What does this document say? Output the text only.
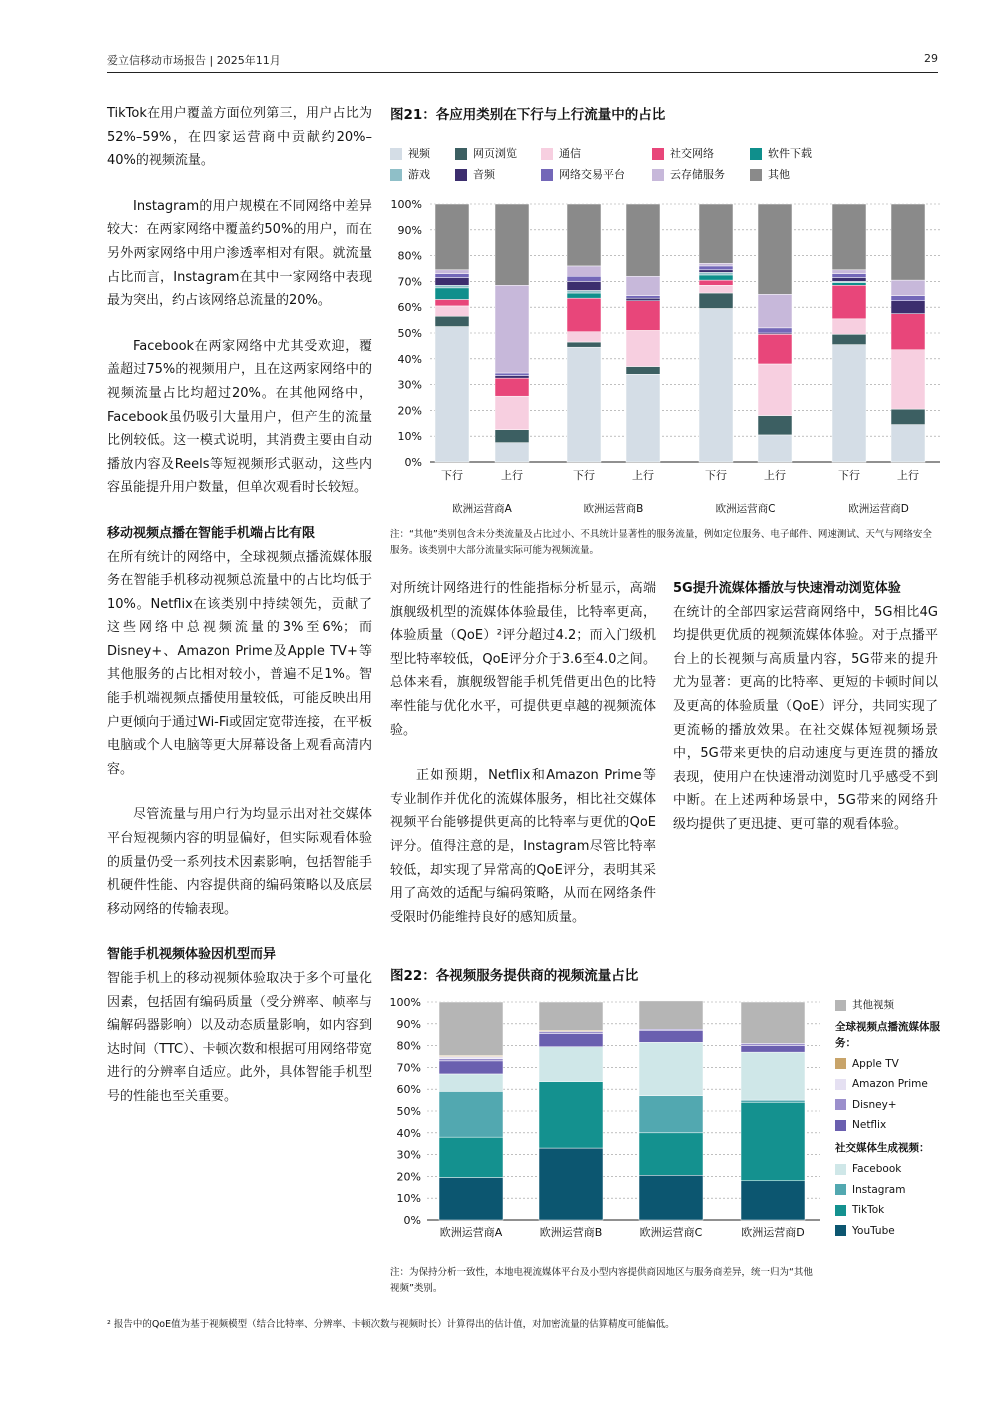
爱立信移动市场报告 | 2025年11月	29

TikTok在用户覆盖方面位列第三，用户占比为52%–59%，在四家运营商中贡献约20%–40%的视频流量。

Instagram的用户规模在不同网络中差异较大：在两家网络中覆盖约50%的用户，而在另外两家网络中用户渗透率相对有限。就流量占比而言，Instagram在其中一家网络中表现最为突出，约占该网络总流量的20%。

Facebook在两家网络中尤其受欢迎，覆盖超过75%的视频用户，且在这两家网络中的视频流量占比均超过20%。在其他网络中，Facebook虽仍吸引大量用户，但产生的流量比例较低。这一模式说明，其消费主要由自动播放内容及Reels等短视频形式驱动，这些内容虽能提升用户数量，但单次观看时长较短。

移动视频点播在智能手机端占比有限

在所有统计的网络中，全球视频点播流媒体服务在智能手机移动视频总流量中的占比均低于10%。Netflix在该类别中持续领先，贡献了这些网络中总视频流量的3%至6%；而Disney+、Amazon Prime及Apple TV+等其他服务的占比相对较小，普遍不足1%。智能手机端视频点播使用量较低，可能反映出用户更倾向于通过Wi-Fi或固定宽带连接，在平板电脑或个人电脑等更大屏幕设备上观看高清内容。

尽管流量与用户行为均显示出对社交媒体平台短视频内容的明显偏好，但实际观看体验的质量仍受一系列技术因素影响，包括智能手机硬件性能、内容提供商的编码策略以及底层移动网络的传输表现。

智能手机视频体验因机型而异

智能手机上的移动视频体验取决于多个可量化因素，包括固有编码质量（受分辨率、帧率与编解码器影响）以及动态质量影响，如内容到达时间（TTC）、卡顿次数和根据可用网络带宽进行的分辨率自适应。此外，具体智能手机型号的性能也至关重要。

图21：各应用类别在下行与上行流量中的占比
视频	网页浏览	通信	社交网络	软件下载
游戏	音频	网络交易平台	云存储服务	其他
0%
10%
20%
30%
40%
50%
60%
70%
80%
90%
100%
下行	上行	下行	上行	下行	上行	下行	上行
欧洲运营商A	欧洲运营商B	欧洲运营商C	欧洲运营商D
注：“其他”类别包含未分类流量及占比过小、不具统计显著性的服务流量，例如定位服务、电子邮件、网速测试、天气与网络安全服务。该类别中大部分流量实际可能为视频流量。

对所统计网络进行的性能指标分析显示，高端旗舰级机型的流媒体体验最佳，比特率更高，体验质量（QoE）²评分超过4.2；而入门级机型比特率较低，QoE评分介于3.6至4.0之间。总体来看，旗舰级智能手机凭借更出色的比特率性能与优化水平，可提供更卓越的视频流体验。

正如预期，Netflix和Amazon Prime等专业制作并优化的流媒体服务，相比社交媒体视频平台能够提供更高的比特率与更优的QoE评分。值得注意的是，Instagram尽管比特率较低，却实现了异常高的QoE评分，表明其采用了高效的适配与编码策略，从而在网络条件受限时仍能维持良好的感知质量。

5G提升流媒体播放与快速滑动浏览体验

在统计的全部四家运营商网络中，5G相比4G均提供更优质的视频流媒体体验。对于点播平台上的长视频与高质量内容，5G带来的提升尤为显著：更高的比特率、更短的卡顿时间以及更高的体验质量（QoE）评分，共同实现了更流畅的播放效果。在社交媒体短视频场景中，5G带来更快的启动速度与更连贯的播放表现，使用户在快速滑动浏览时几乎感受不到中断。在上述两种场景中，5G带来的网络升级均提供了更迅捷、更可靠的观看体验。

图22：各视频服务提供商的视频流量占比
0%
10%
20%
30%
40%
50%
60%
70%
80%
90%
100%
欧洲运营商A	欧洲运营商B	欧洲运营商C	欧洲运营商D
其他视频
全球视频点播流媒体服务：
Apple TV
Amazon Prime
Disney+
Netflix
社交媒体生成视频：
Facebook
Instagram
TikTok
YouTube
注：为保持分析一致性，本地电视流媒体平台及小型内容提供商因地区与服务商差异，统一归为“其他视频”类别。
² 报告中的QoE值为基于视频模型（结合比特率、分辨率、卡顿次数与视频时长）计算得出的估计值，对加密流量的估算精度可能偏低。
